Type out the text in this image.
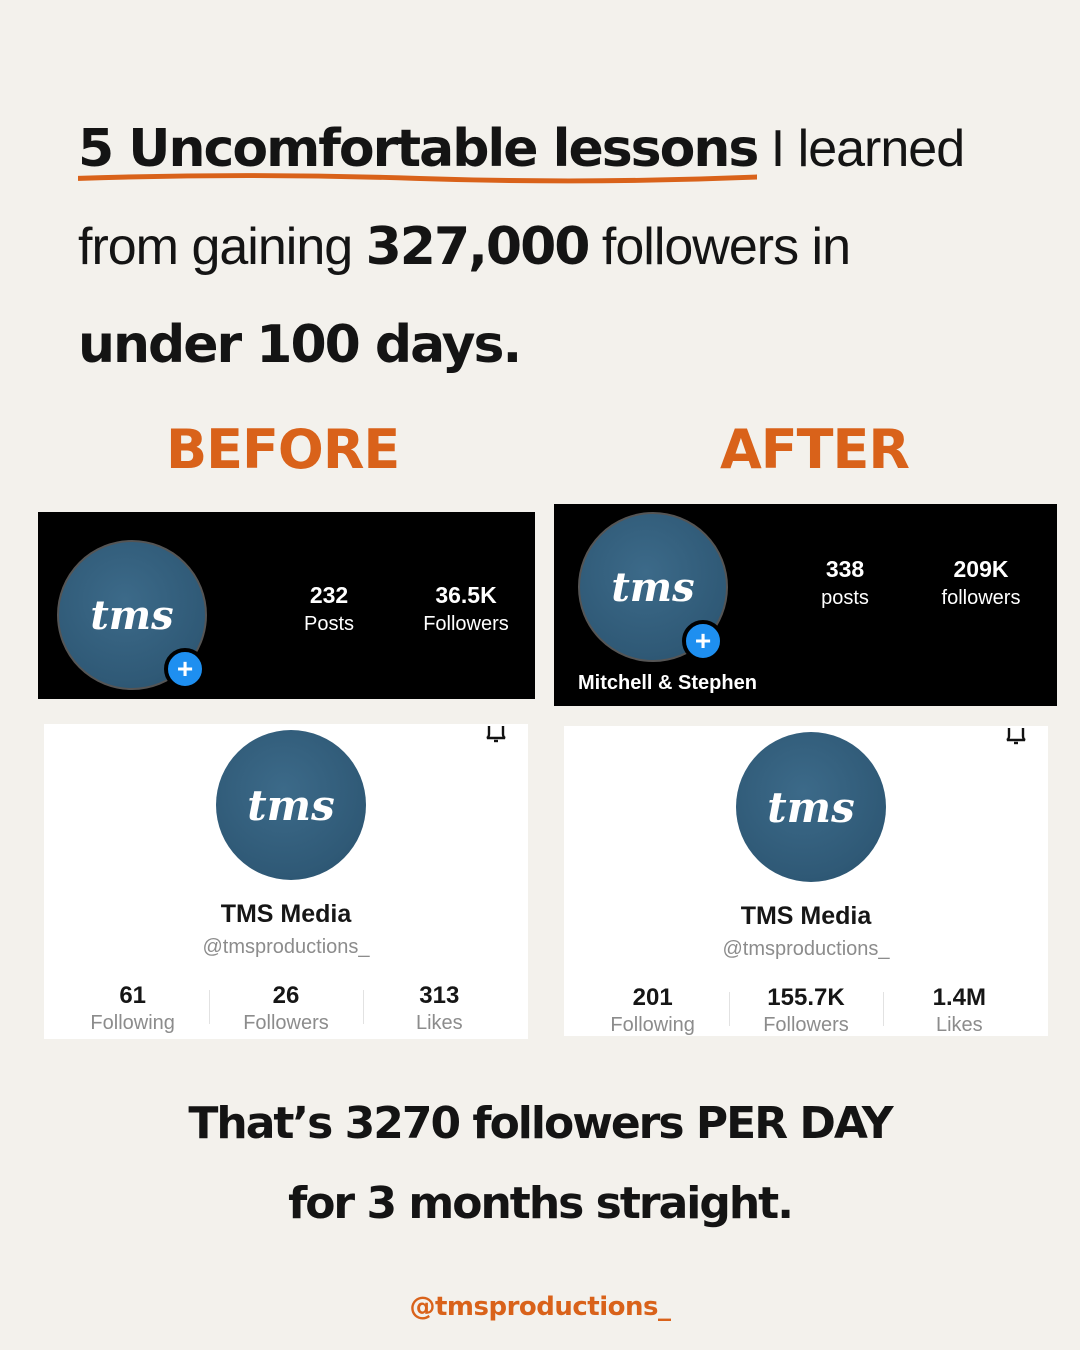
5 Uncomfortable lessons
I learned
from gaining 327,000 followers in
under 100 days.
BEFORE	AFTER
tms
+
232
Posts
36.5K
Followers
tms
+
338
posts
209K
followers
Mitchell & Stephen
tms
TMS Media
@tmsproductions_
61
Following
26
Followers
313
Likes
tms
TMS Media
@tmsproductions_
201
Following
155.7K
Followers
1.4M
Likes
That’s 3270 followers PER DAY
for 3 months straight.
@tmsproductions_
